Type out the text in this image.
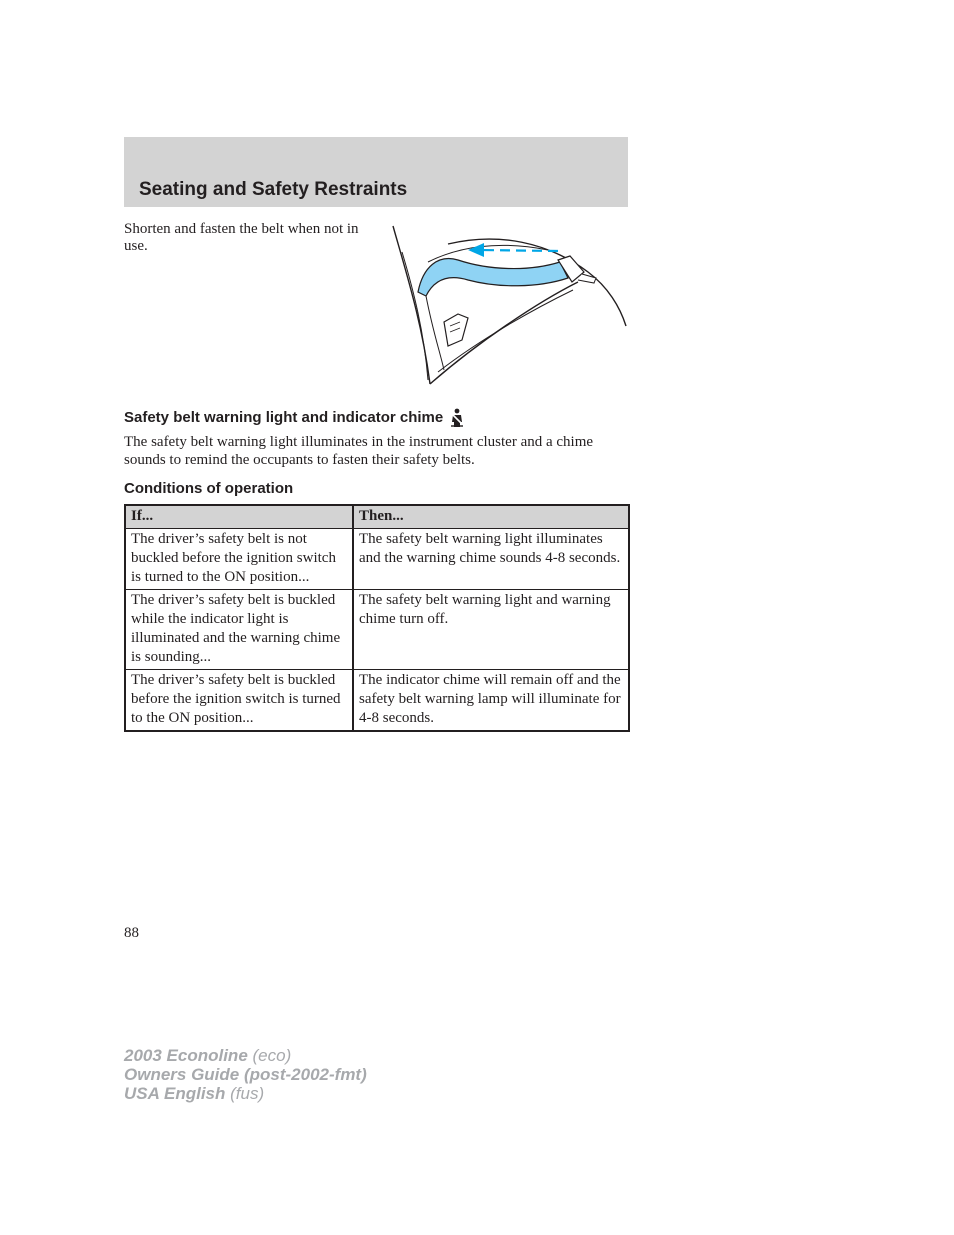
Seating and Safety Restraints

Shorten and fasten the belt when not in use.

Safety belt warning light and indicator chime

The safety belt warning light illuminates in the instrument cluster and a chime sounds to remind the occupants to fasten their safety belts.

Conditions of operation
If...	Then...
The driver’s safety belt is not buckled before the ignition switch is turned to the ON position...	The safety belt warning light illuminates and the warning chime sounds 4-8 seconds.
The driver’s safety belt is buckled while the indicator light is illuminated and the warning chime is sounding...	The safety belt warning light and warning chime turn off.
The driver’s safety belt is buckled before the ignition switch is turned to the ON position...	The indicator chime will remain off and the safety belt warning lamp will illuminate for 4-8 seconds.

88

2003 Econoline (eco)
Owners Guide (post-2002-fmt)
USA English (fus)
